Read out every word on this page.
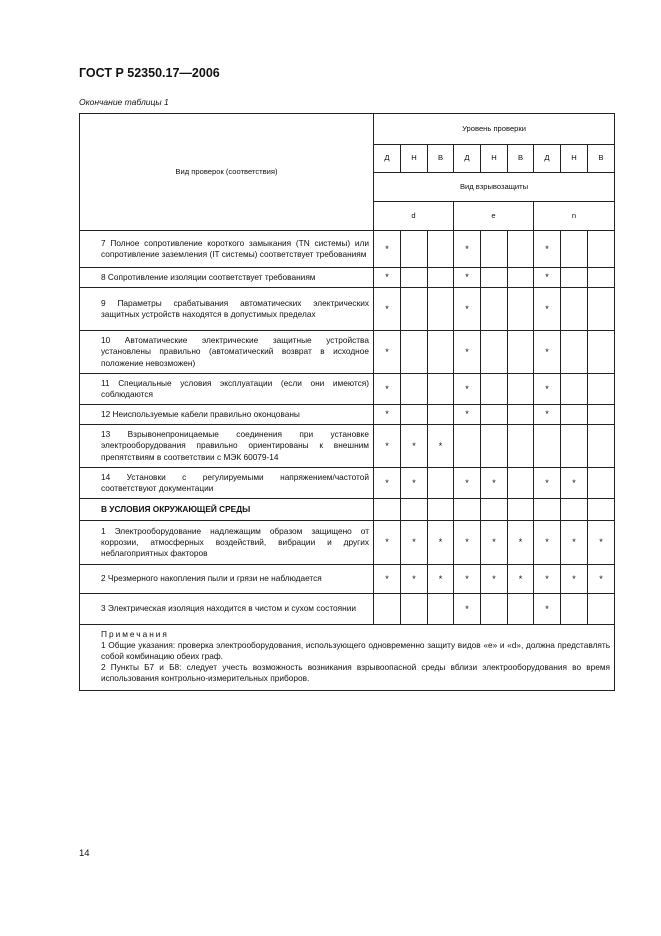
ГОСТ Р 52350.17—2006
Окончание таблицы 1
Вид проверок (соответствия)	Уровень проверки								
	Д	Н	В	Д	Н	В	Д	Н	В
	Вид взрывозащиты								
	d			e			n		

7 Полное сопротивление короткого замыкания (TN системы) или сопротивление заземления (IT системы) соответствует требованиям	*			*			*		

8 Сопротивление изоляции соответствует требованиям	*			*			*		

9 Параметры срабатывания автоматических электрических защитных устройств находятся в допустимых пределах	*			*			*		

10 Автоматические электрические защитные устройства установлены правильно (автоматический возврат в исходное положение невозможен)	*			*			*		

11 Специальные условия эксплуатации (если они имеются) соблюдаются	*			*			*		

12 Неиспользуемые кабели правильно оконцованы	*			*			*		

13 Взрывонепроницаемые соединения при установке электрооборудования правильно ориентированы к внешним препятствиям в соответствии с МЭК 60079-14	*	*	*						

14 Установки с регулируемыми напряжением/частотой соответствуют документации	*	*		*	*		*	*	
В УСЛОВИЯ ОКРУЖАЮЩЕЙ СРЕДЫ									

1 Электрооборудование надлежащим образом защищено от коррозии, атмосферных воздействий, вибрации и других неблагоприятных факторов	*	*	*	*	*	*	*	*	*

2 Чрезмерного накопления пыли и грязи не наблюдается	*	*	*	*	*	*	*	*	*

3 Электрическая изоляция находится в чистом и сухом состоянии				*			*		

Примечания
1 Общие указания: проверка электрооборудования, использующего одновременно защиту видов «е» и «d», должна представлять собой комбинацию обеих граф.
2 Пункты Б7 и Б8: следует учесть возможность возникания взрывоопасной среды вблизи электрооборудования во время использования контрольно-измерительных приборов.									
14
